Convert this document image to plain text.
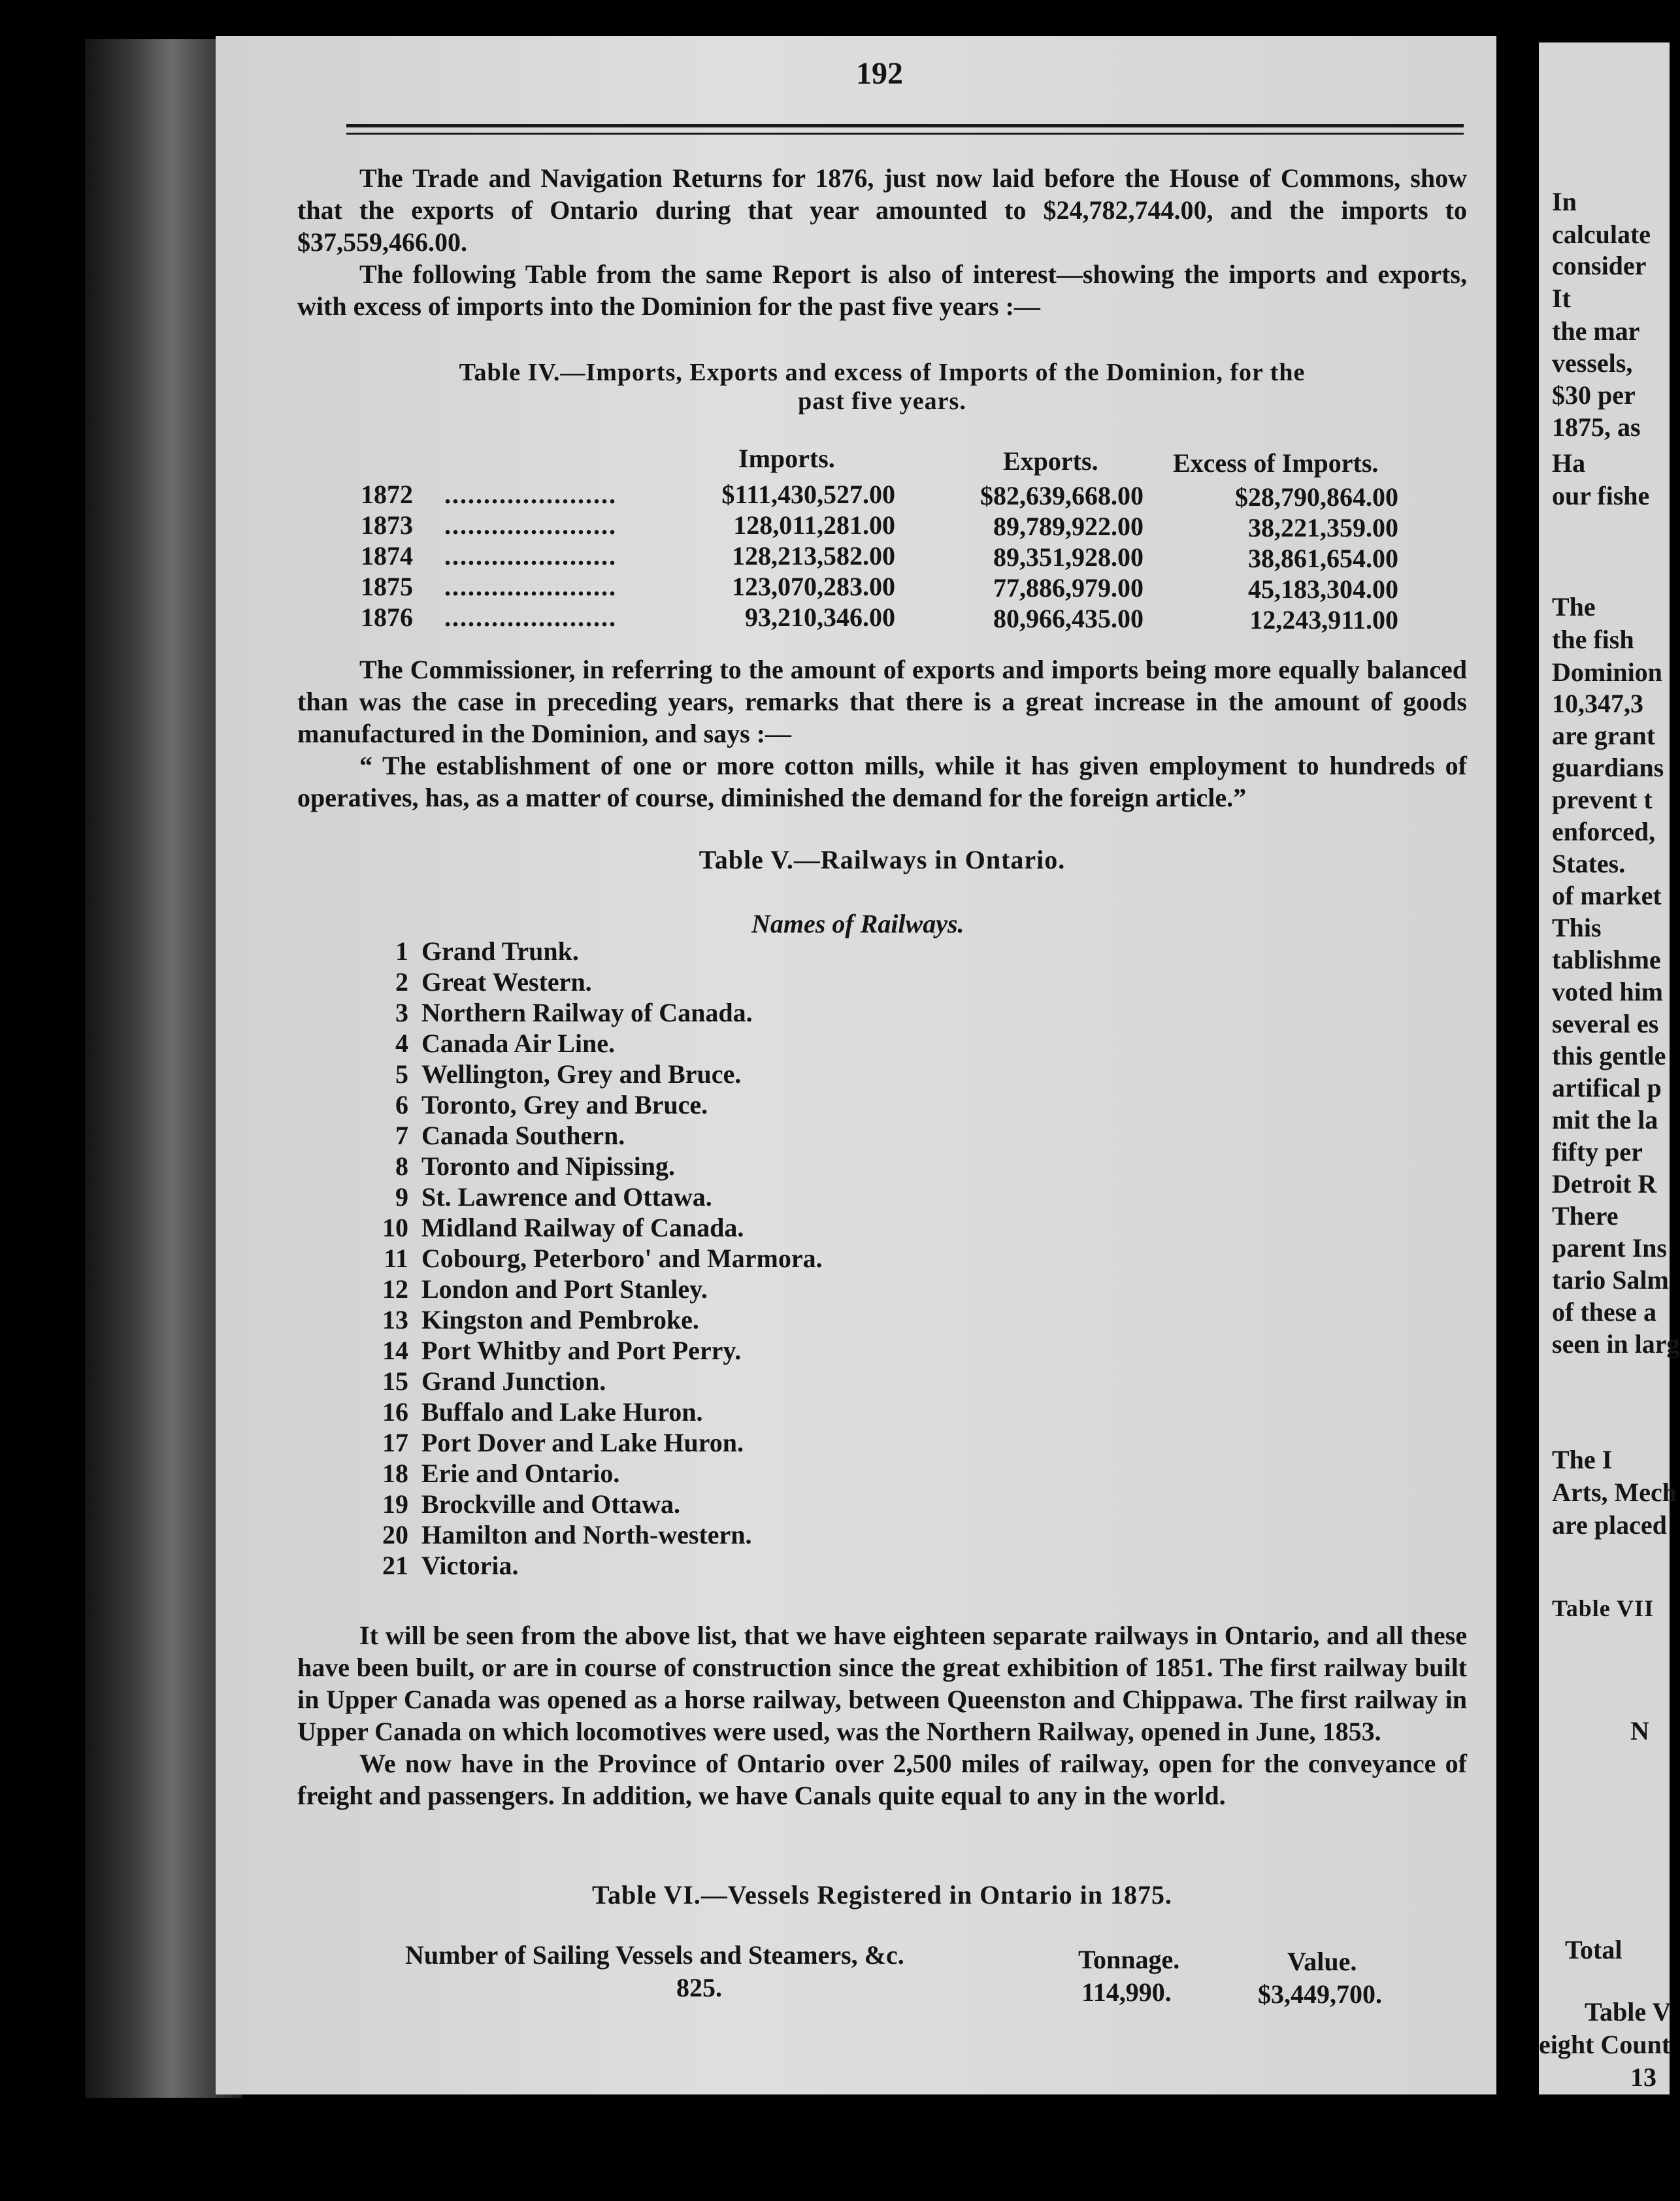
In
calculate
consider
It
the mar
vessels,
$30 per
1875, as
Ha
our fishe
The
the fish
Dominion
10,347,3
are grant
guardians
prevent t
enforced,
States.
of market
This
tablishme
voted him
several es
this gentle
artifical p
mit the la
fifty per
Detroit R
There
parent Ins
tario Salm
of these a
seen in larg
The I
Arts, Mech
are placed
Table VII
N
Total
Table V
eight Count
13
192

The Trade and Navigation Returns for 1876, just now laid before the House of Commons, show that the exports of Ontario during that year amounted to $24,782,744.00, and the imports to $37,559,466.00.

The following Table from the same Report is also of interest—showing the imports and exports, with excess of imports into the Dominion for the past five years :—

Table IV.—Imports, Exports and excess of Imports of the Dominion, for the
past five years.
Imports.	Exports.	Excess of Imports.
1872 ......................	$111,430,527.00	$82,639,668.00	$28,790,864.00
1873 ......................	128,011,281.00	89,789,922.00	38,221,359.00
1874 ......................	128,213,582.00	89,351,928.00	38,861,654.00
1875 ......................	123,070,283.00	77,886,979.00	45,183,304.00
1876 ......................	93,210,346.00	80,966,435.00	12,243,911.00

The Commissioner, in referring to the amount of exports and imports being more equally balanced than was the case in preceding years, remarks that there is a great increase in the amount of goods manufactured in the Dominion, and says :—

“ The establishment of one or more cotton mills, while it has given employment to hundreds of operatives, has, as a matter of course, diminished the demand for the foreign article.”

Table V.—Railways in Ontario.
Names of Railways.
1 Grand Trunk.
2 Great Western.
3 Northern Railway of Canada.
4 Canada Air Line.
5 Wellington, Grey and Bruce.
6 Toronto, Grey and Bruce.
7 Canada Southern.
8 Toronto and Nipissing.
9 St. Lawrence and Ottawa.
10 Midland Railway of Canada.
11 Cobourg, Peterboro' and Marmora.
12 London and Port Stanley.
13 Kingston and Pembroke.
14 Port Whitby and Port Perry.
15 Grand Junction.
16 Buffalo and Lake Huron.
17 Port Dover and Lake Huron.
18 Erie and Ontario.
19 Brockville and Ottawa.
20 Hamilton and North-western.
21 Victoria.

It will be seen from the above list, that we have eighteen separate railways in Ontario, and all these have been built, or are in course of construction since the great exhibition of 1851. The first railway built in Upper Canada was opened as a horse railway, between Queenston and Chippawa. The first railway in Upper Canada on which locomotives were used, was the Northern Railway, opened in June, 1853.

We now have in the Province of Ontario over 2,500 miles of railway, open for the conveyance of freight and passengers. In addition, we have Canals quite equal to any in the world.

Table VI.—Vessels Registered in Ontario in 1875.
Number of Sailing Vessels and Steamers, &c.	Tonnage.	Value.
825.	114,990.	$3,449,700.
